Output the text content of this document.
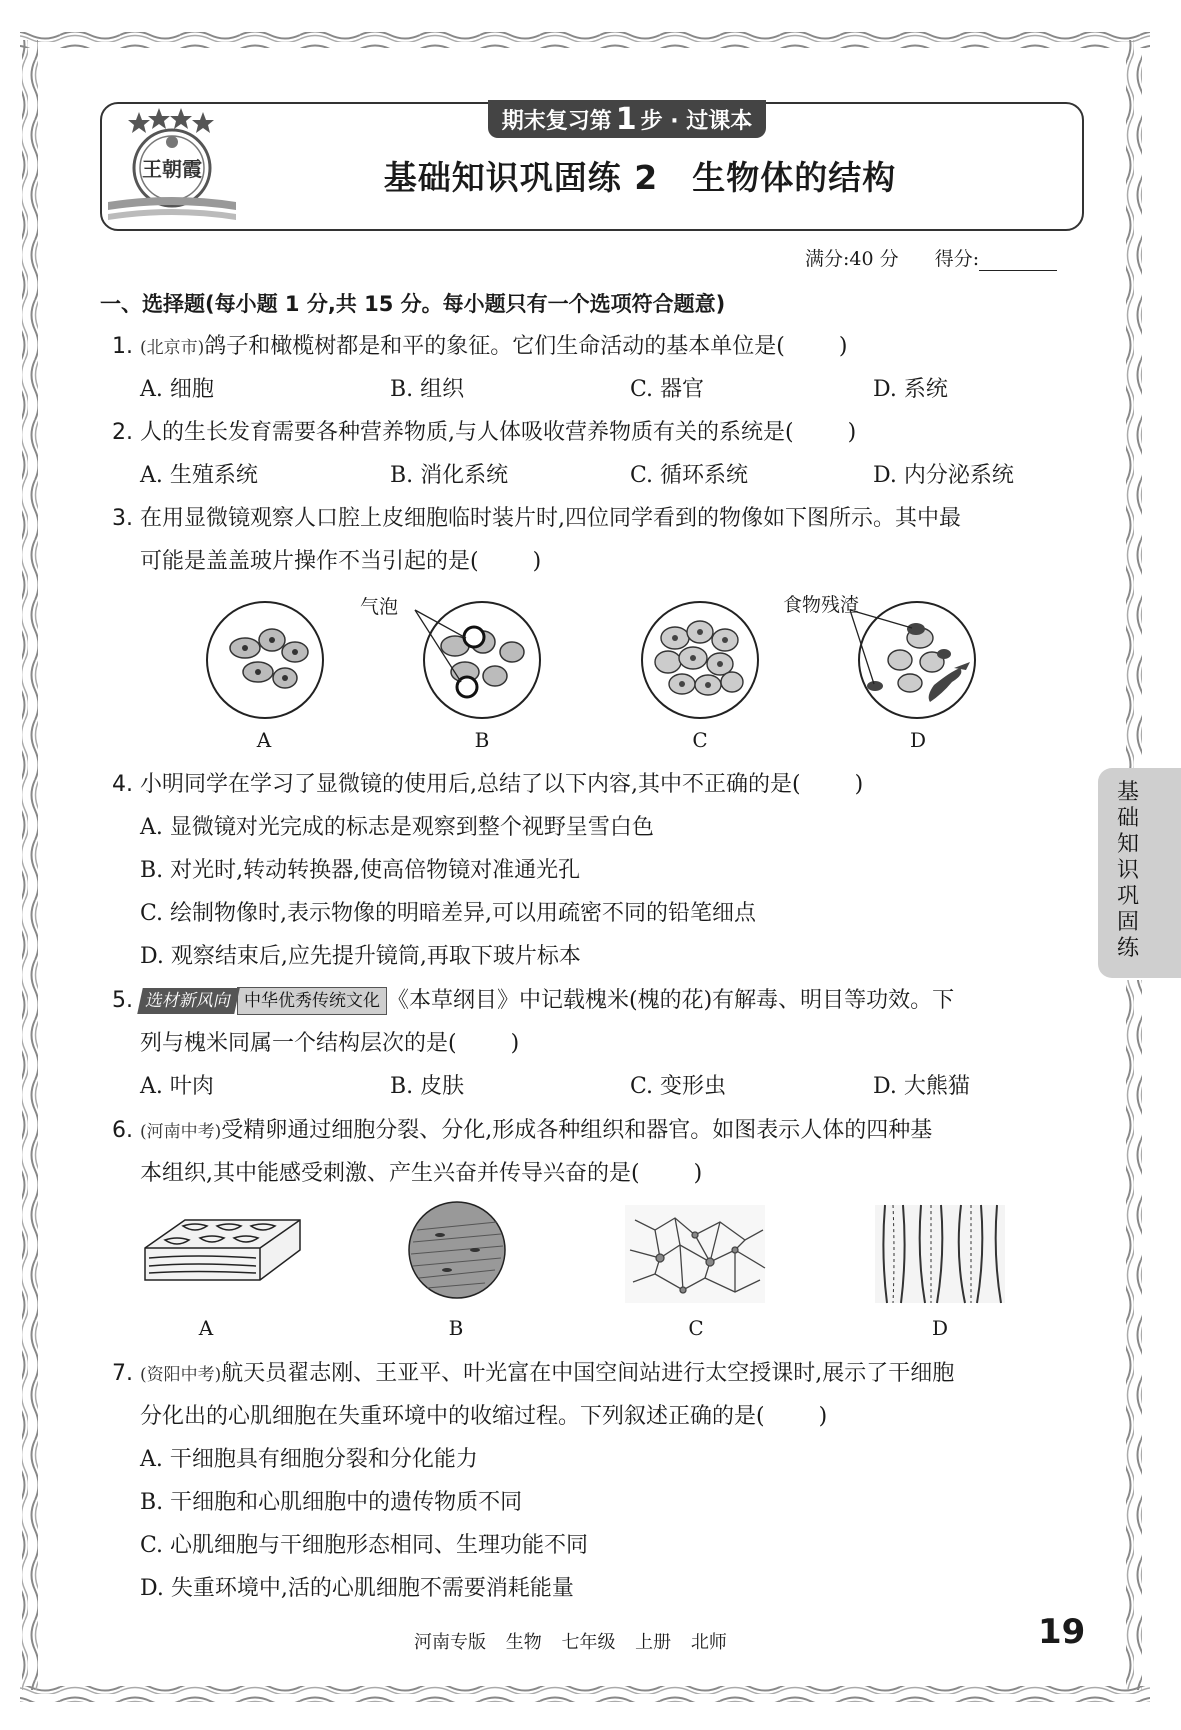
王朝霞
期末复习第 1 步 · 过课本
基础知识巩固练 2　生物体的结构
满分:40 分 得分:
一、选择题(每小题 1 分,共 15 分。每小题只有一个选项符合题意)
1. (北京市)鸽子和橄榄树都是和平的象征。它们生命活动的基本单位是( )
A. 细胞	B. 组织	C. 器官	D. 系统
2. 人的生长发育需要各种营养物质,与人体吸收营养物质有关的系统是( )
A. 生殖系统	B. 消化系统	C. 循环系统	D. 内分泌系统
3. 在用显微镜观察人口腔上皮细胞临时装片时,四位同学看到的物像如下图所示。其中最
可能是盖盖玻片操作不当引起的是( )
气泡	食物残渣
A	B	C	D
4. 小明同学在学习了显微镜的使用后,总结了以下内容,其中不正确的是( )
A. 显微镜对光完成的标志是观察到整个视野呈雪白色
B. 对光时,转动转换器,使高倍物镜对准通光孔
C. 绘制物像时,表示物像的明暗差异,可以用疏密不同的铅笔细点
D. 观察结束后,应先提升镜筒,再取下玻片标本
5. 选材新风向 中华优秀传统文化 《本草纲目》中记载槐米(槐的花)有解毒、明目等功效。下
列与槐米同属一个结构层次的是( )
A. 叶肉	B. 皮肤	C. 变形虫	D. 大熊猫
6. (河南中考)受精卵通过细胞分裂、分化,形成各种组织和器官。如图表示人体的四种基
本组织,其中能感受刺激、产生兴奋并传导兴奋的是( )
A	B	C	D
7. (资阳中考)航天员翟志刚、王亚平、叶光富在中国空间站进行太空授课时,展示了干细胞
分化出的心肌细胞在失重环境中的收缩过程。下列叙述正确的是( )
A. 干细胞具有细胞分裂和分化能力
B. 干细胞和心肌细胞中的遗传物质不同
C. 心肌细胞与干细胞形态相同、生理功能不同
D. 失重环境中,活的心肌细胞不需要消耗能量
基础知识巩固练
河南专版 生物 七年级 上册 北师	19
